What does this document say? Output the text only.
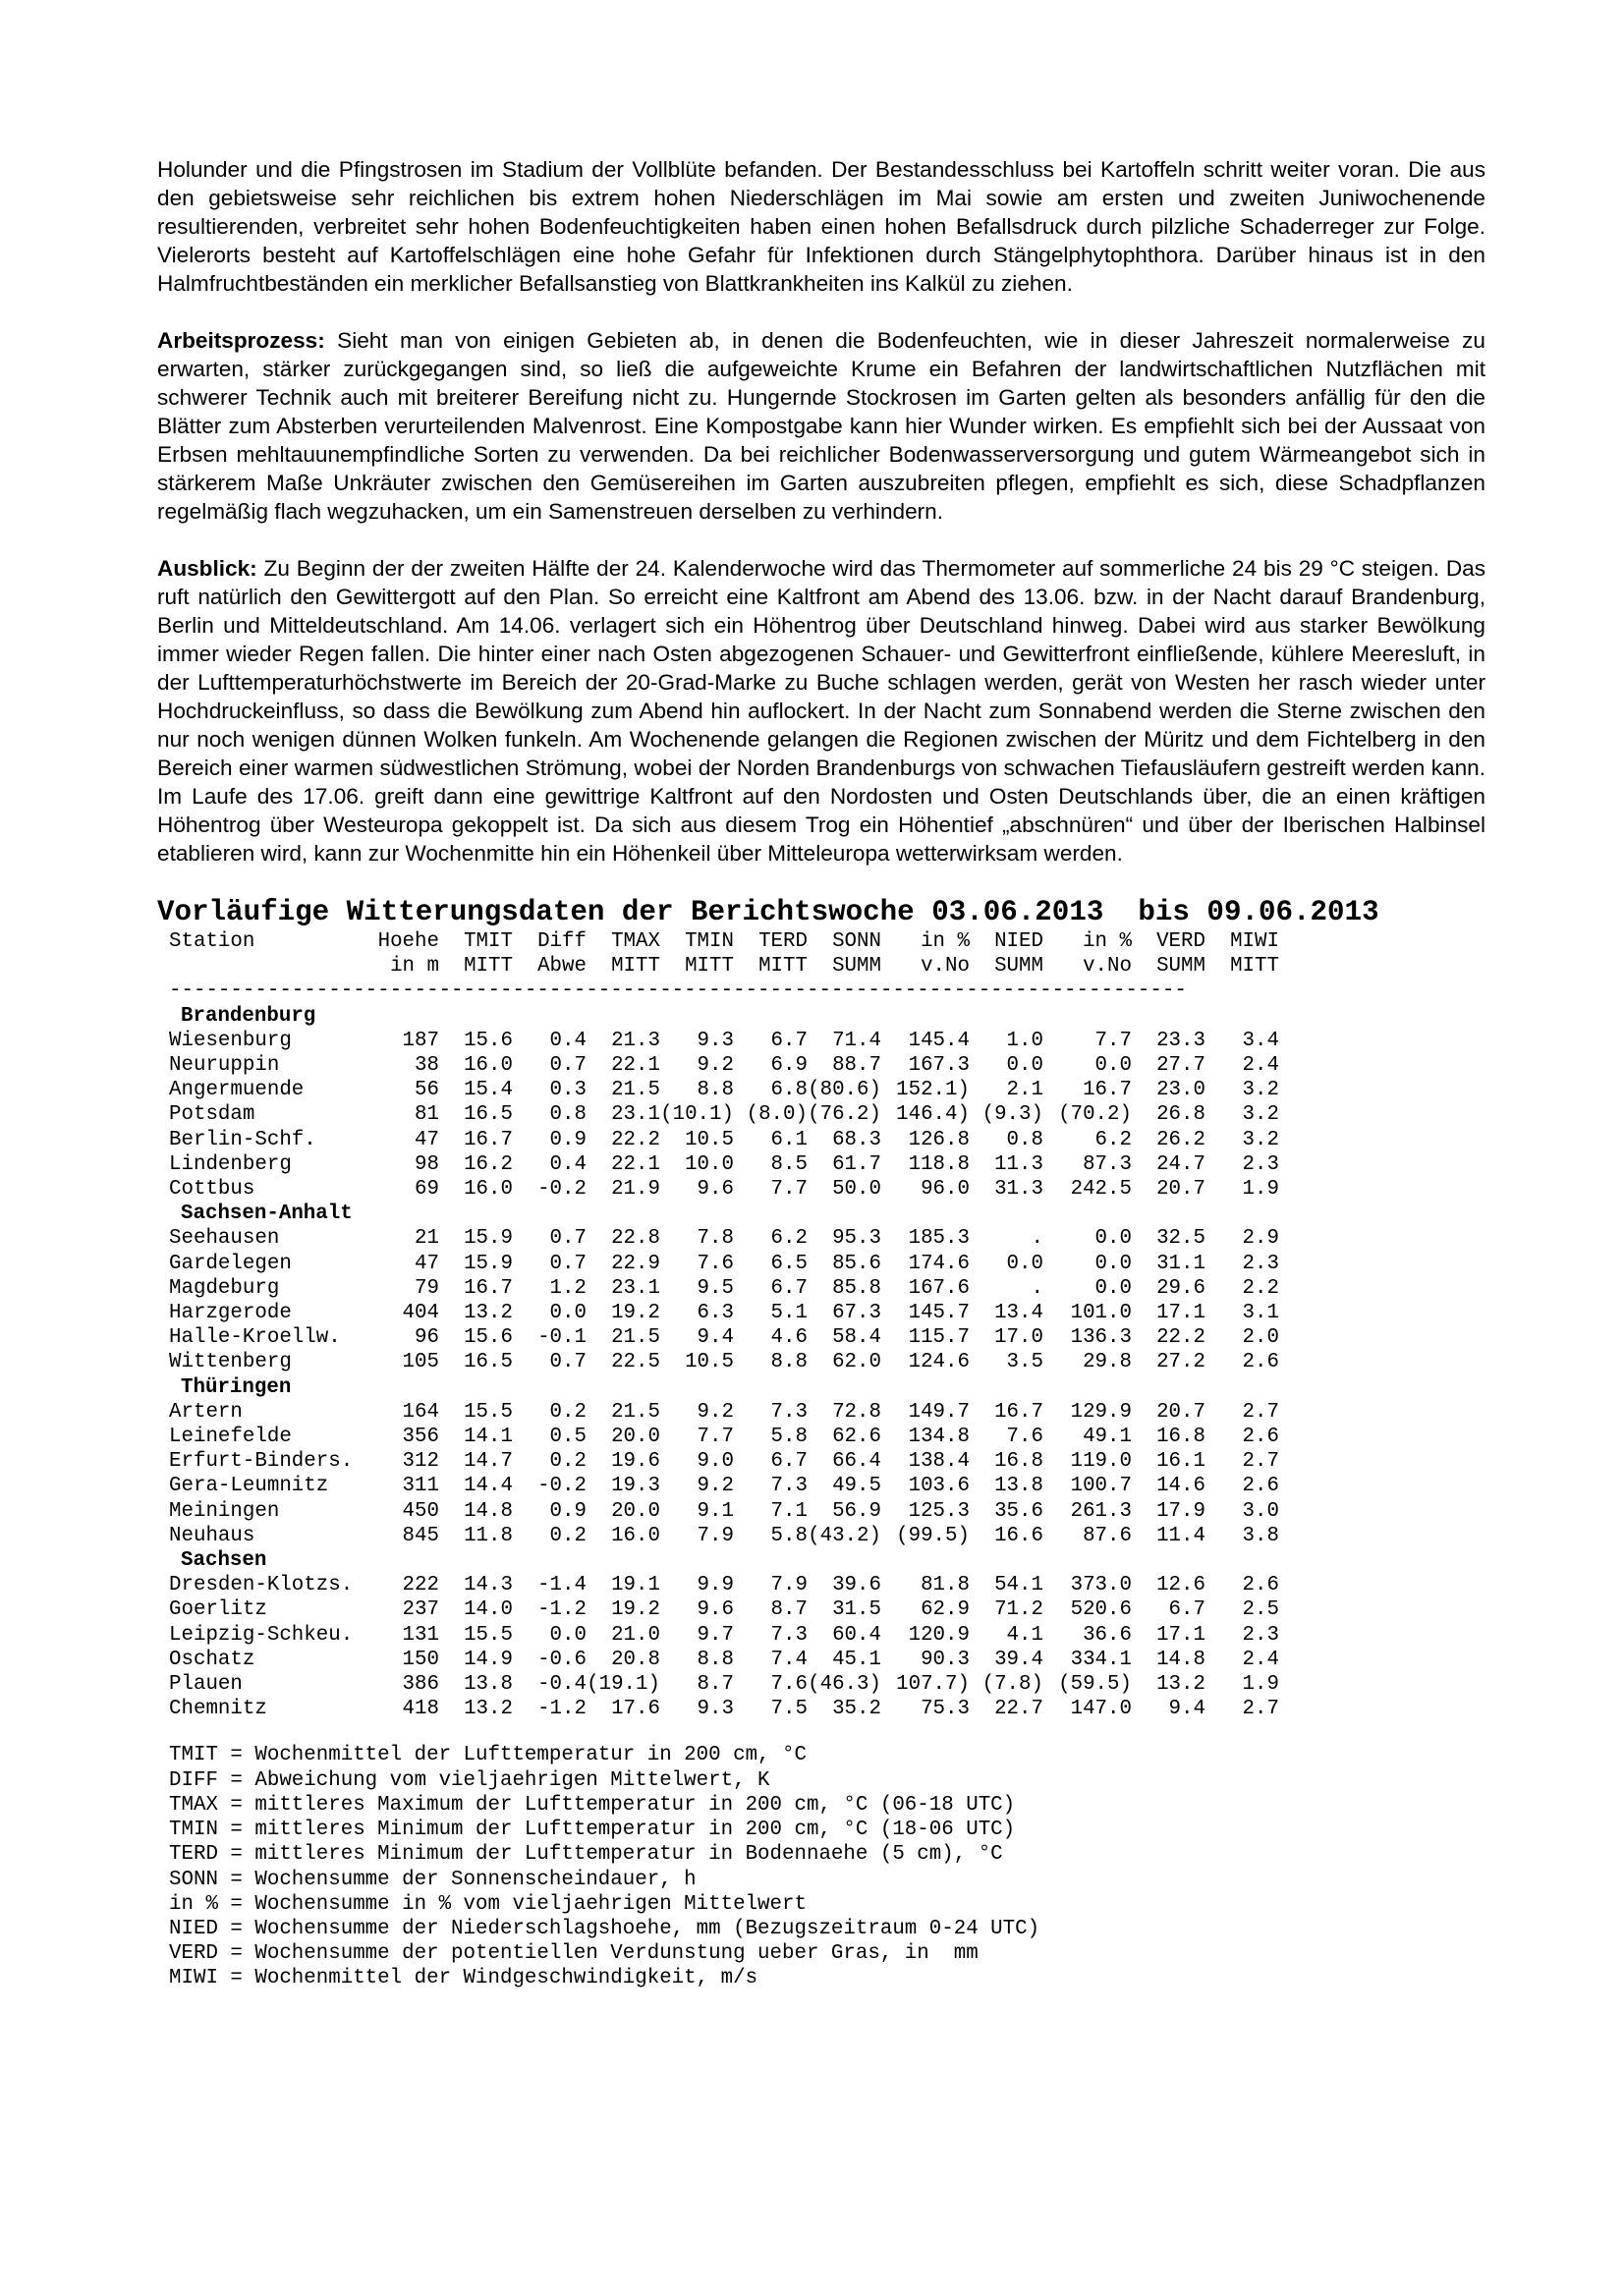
Holunder und die Pfingstrosen im Stadium der Vollblüte befanden. Der Bestandesschluss bei Kartoffeln schritt weiter voran. Die aus den gebietsweise sehr reichlichen bis extrem hohen Niederschlägen im Mai sowie am ersten und zweiten Juniwochenende resultierenden, verbreitet sehr hohen Bodenfeuchtigkeiten haben einen hohen Befallsdruck durch pilzliche Schaderreger zur Folge. Vielerorts besteht auf Kartoffelschlägen eine hohe Gefahr für Infektionen durch Stängelphytophthora. Darüber hinaus ist in den Halmfruchtbeständen ein merklicher Befallsanstieg von Blattkrankheiten ins Kalkül zu ziehen.

Arbeitsprozess: Sieht man von einigen Gebieten ab, in denen die Bodenfeuchten, wie in dieser Jahreszeit normalerweise zu erwarten, stärker zurückgegangen sind, so ließ die aufgeweichte Krume ein Befahren der landwirtschaftlichen Nutzflächen mit schwerer Technik auch mit breiterer Bereifung nicht zu. Hungernde Stockrosen im Garten gelten als besonders anfällig für den die Blätter zum Absterben verurteilenden Malvenrost. Eine Kompostgabe kann hier Wunder wirken. Es empfiehlt sich bei der Aussaat von Erbsen mehltauunempfindliche Sorten zu verwenden. Da bei reichlicher Bodenwasserversorgung und gutem Wärmeangebot sich in stärkerem Maße Unkräuter zwischen den Gemüsereihen im Garten auszubreiten pflegen, empfiehlt es sich, diese Schadpflanzen regelmäßig flach wegzuhacken, um ein Samenstreuen derselben zu verhindern.

Ausblick: Zu Beginn der der zweiten Hälfte der 24. Kalenderwoche wird das Thermometer auf sommerliche 24 bis 29 °C steigen. Das ruft natürlich den Gewittergott auf den Plan. So erreicht eine Kaltfront am Abend des 13.06. bzw. in der Nacht darauf Brandenburg, Berlin und Mitteldeutschland. Am 14.06. verlagert sich ein Höhentrog über Deutschland hinweg. Dabei wird aus starker Bewölkung immer wieder Regen fallen. Die hinter einer nach Osten abgezogenen Schauer- und Gewitterfront einfließende, kühlere Meeresluft, in der Lufttemperaturhöchstwerte im Bereich der 20-Grad-Marke zu Buche schlagen werden, gerät von Westen her rasch wieder unter Hochdruckeinfluss, so dass die Bewölkung zum Abend hin auflockert. In der Nacht zum Sonnabend werden die Sterne zwischen den nur noch wenigen dünnen Wolken funkeln. Am Wochenende gelangen die Regionen zwischen der Müritz und dem Fichtelberg in den Bereich einer warmen südwestlichen Strömung, wobei der Norden Brandenburgs von schwachen Tiefausläufern gestreift werden kann. Im Laufe des 17.06. greift dann eine gewittrige Kaltfront auf den Nordosten und Osten Deutschlands über, die an einen kräftigen Höhentrog über Westeuropa gekoppelt ist. Da sich aus diesem Trog ein Höhentief „abschnüren“ und über der Iberischen Halbinsel etablieren wird, kann zur Wochenmitte hin ein Höhenkeil über Mitteleuropa wetterwirksam werden.

Vorläufige Witterungsdaten der Berichtswoche 03.06.2013  bis 09.06.2013
Station	Hoehe	TMIT	Diff	TMAX	TMIN	TERD	SONN	in %	NIED	in %	VERD	MIWI
	in m	MITT	Abwe	MITT	MITT	MITT	SUMM	v.No	SUMM	v.No	SUMM	MITT
-----------------------------------------------------------------------------------
Brandenburg												
Wiesenburg	187	15.6	0.4	21.3	9.3	6.7	71.4	145.4	1.0	7.7	23.3	3.4
Neuruppin	38	16.0	0.7	22.1	9.2	6.9	88.7	167.3	0.0	0.0	27.7	2.4
Angermuende	56	15.4	0.3	21.5	8.8	6.8	(80.6)	152.1)	2.1	16.7	23.0	3.2
Potsdam	81	16.5	0.8	23.1	(10.1)	(8.0)	(76.2)	146.4)	(9.3)	(70.2)	26.8	3.2
Berlin-Schf.	47	16.7	0.9	22.2	10.5	6.1	68.3	126.8	0.8	6.2	26.2	3.2
Lindenberg	98	16.2	0.4	22.1	10.0	8.5	61.7	118.8	11.3	87.3	24.7	2.3
Cottbus	69	16.0	-0.2	21.9	9.6	7.7	50.0	96.0	31.3	242.5	20.7	1.9
Sachsen-Anhalt												
Seehausen	21	15.9	0.7	22.8	7.8	6.2	95.3	185.3	.	0.0	32.5	2.9
Gardelegen	47	15.9	0.7	22.9	7.6	6.5	85.6	174.6	0.0	0.0	31.1	2.3
Magdeburg	79	16.7	1.2	23.1	9.5	6.7	85.8	167.6	.	0.0	29.6	2.2
Harzgerode	404	13.2	0.0	19.2	6.3	5.1	67.3	145.7	13.4	101.0	17.1	3.1
Halle-Kroellw.	96	15.6	-0.1	21.5	9.4	4.6	58.4	115.7	17.0	136.3	22.2	2.0
Wittenberg	105	16.5	0.7	22.5	10.5	8.8	62.0	124.6	3.5	29.8	27.2	2.6
Thüringen												
Artern	164	15.5	0.2	21.5	9.2	7.3	72.8	149.7	16.7	129.9	20.7	2.7
Leinefelde	356	14.1	0.5	20.0	7.7	5.8	62.6	134.8	7.6	49.1	16.8	2.6
Erfurt-Binders.	312	14.7	0.2	19.6	9.0	6.7	66.4	138.4	16.8	119.0	16.1	2.7
Gera-Leumnitz	311	14.4	-0.2	19.3	9.2	7.3	49.5	103.6	13.8	100.7	14.6	2.6
Meiningen	450	14.8	0.9	20.0	9.1	7.1	56.9	125.3	35.6	261.3	17.9	3.0
Neuhaus	845	11.8	0.2	16.0	7.9	5.8	(43.2)	(99.5)	16.6	87.6	11.4	3.8
Sachsen												
Dresden-Klotzs.	222	14.3	-1.4	19.1	9.9	7.9	39.6	81.8	54.1	373.0	12.6	2.6
Goerlitz	237	14.0	-1.2	19.2	9.6	8.7	31.5	62.9	71.2	520.6	6.7	2.5
Leipzig-Schkeu.	131	15.5	0.0	21.0	9.7	7.3	60.4	120.9	4.1	36.6	17.1	2.3
Oschatz	150	14.9	-0.6	20.8	8.8	7.4	45.1	90.3	39.4	334.1	14.8	2.4
Plauen	386	13.8	-0.4	(19.1)	8.7	7.6	(46.3)	107.7)	(7.8)	(59.5)	13.2	1.9
Chemnitz	418	13.2	-1.2	17.6	9.3	7.5	35.2	75.3	22.7	147.0	9.4	2.7
TMIT = Wochenmittel der Lufttemperatur in 200 cm, °C
DIFF = Abweichung vom vieljaehrigen Mittelwert, K
TMAX = mittleres Maximum der Lufttemperatur in 200 cm, °C (06-18 UTC)
TMIN = mittleres Minimum der Lufttemperatur in 200 cm, °C (18-06 UTC)
TERD = mittleres Minimum der Lufttemperatur in Bodennaehe (5 cm), °C
SONN = Wochensumme der Sonnenscheindauer, h
in % = Wochensumme in % vom vieljaehrigen Mittelwert
NIED = Wochensumme der Niederschlagshoehe, mm (Bezugszeitraum 0-24 UTC)
VERD = Wochensumme der potentiellen Verdunstung ueber Gras, in  mm
MIWI = Wochenmittel der Windgeschwindigkeit, m/s
